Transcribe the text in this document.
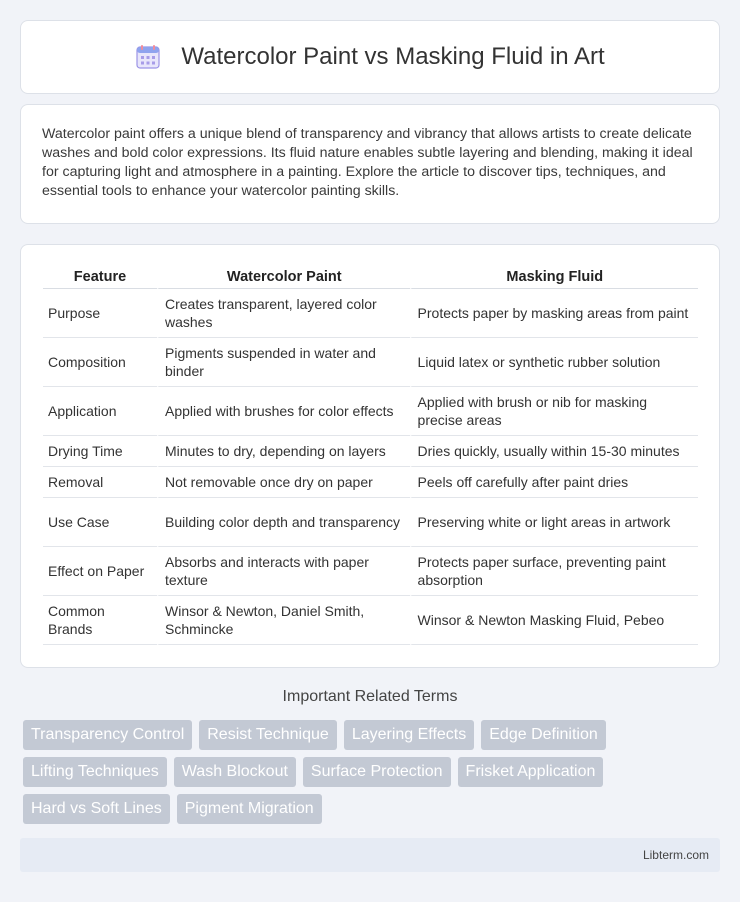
Watercolor Paint vs Masking Fluid in Art

Watercolor paint offers a unique blend of transparency and vibrancy that allows artists to create delicate washes and bold color expressions. Its fluid nature enables subtle layering and blending, making it ideal for capturing light and atmosphere in a painting. Explore the article to discover tips, techniques, and essential tools to enhance your watercolor painting skills.

Feature	Watercolor Paint	Masking Fluid
Purpose	Creates transparent, layered color washes	Protects paper by masking areas from paint
Composition	Pigments suspended in water and binder	Liquid latex or synthetic rubber solution
Application	Applied with brushes for color effects	Applied with brush or nib for masking precise areas
Drying Time	Minutes to dry, depending on layers	Dries quickly, usually within 15-30 minutes
Removal	Not removable once dry on paper	Peels off carefully after paint dries
Use Case	Building color depth and transparency	Preserving white or light areas in artwork
Effect on Paper	Absorbs and interacts with paper texture	Protects paper surface, preventing paint absorption
Common Brands	Winsor & Newton, Daniel Smith, Schmincke	Winsor & Newton Masking Fluid, Pebeo
Important Related Terms
Transparency Control	Resist Technique	Layering Effects	Edge Definition
Lifting Techniques	Wash Blockout	Surface Protection	Frisket Application
Hard vs Soft Lines	Pigment Migration
Libterm.com
